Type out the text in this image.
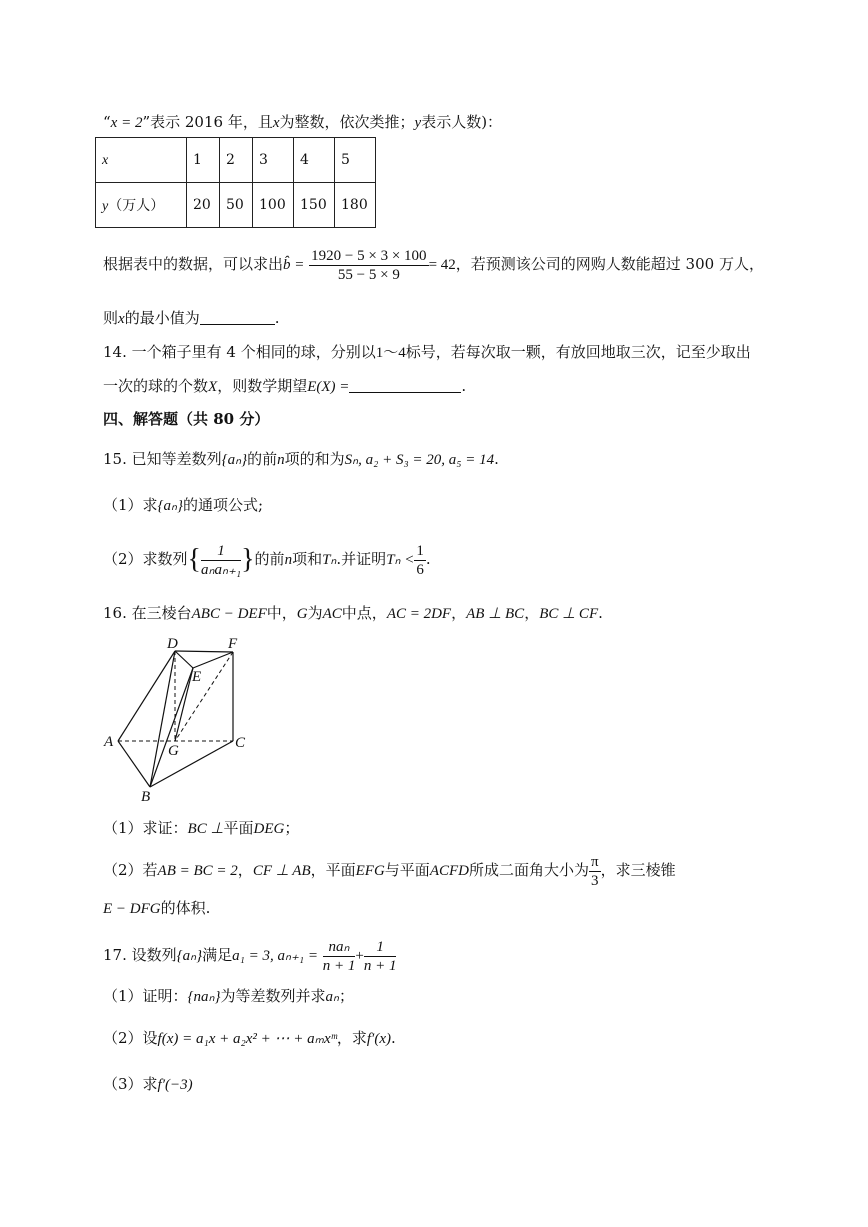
“x = 2”表示 2016 年，且x为整数，依次类推；y表示人数)：
x	1	2	3	4	5
y（万人）	20	50	100	150	180
根据表中的数据，可以求出b̂ = $\frac{1920 - 5 \times 3 \times 100}{55 - 5 \times 9} = 42$，若预测该公司的网购人数能超过 300 万人，
则x的最小值为	.
14. 一个箱子里有 4 个相同的球，分别以1～4标号，若每次取一颗，有放回地取三次，记至少取出
一次的球的个数X，则数学期望E(X) =	.
四、解答题（共 80 分）
15. 已知等差数列{aₙ}的前n项的和为Sₙ, a₂ + S₃ = 20, a₅ = 14.
（1）求{aₙ}的通项公式;
（2）求数列{ $\frac{1}{\text{aₙaₙ₊₁}}$ }的前n项和Tₙ.并证明$T_n < \frac{1}{6}$ .
16. 在三棱台ABC − DEF中，G为AC中点，AC = 2DF，AB ⊥ BC，BC ⊥ CF.
D	F
E
A
G	C
B
（1）求证：BC ⊥平面DEG；
（2）若AB = BC = 2，CF ⊥ AB，平面EFG与平面ACFD所成二面角大小为 $\frac{\pi}{3}$ ，求三棱锥
E − DFG的体积.
17. 设数列{aₙ}满足a₁ = 3, $a_{n+1} = \frac{\text{naₙ}}{n + 1} + \frac{1}{n + 1}$
（1）证明：{naₙ}为等差数列并求aₙ；
（2）设f(x) = a₁x + a₂x² + ⋯ + aₘxᵐ，求f′(x).
（3）求f′(−3)
